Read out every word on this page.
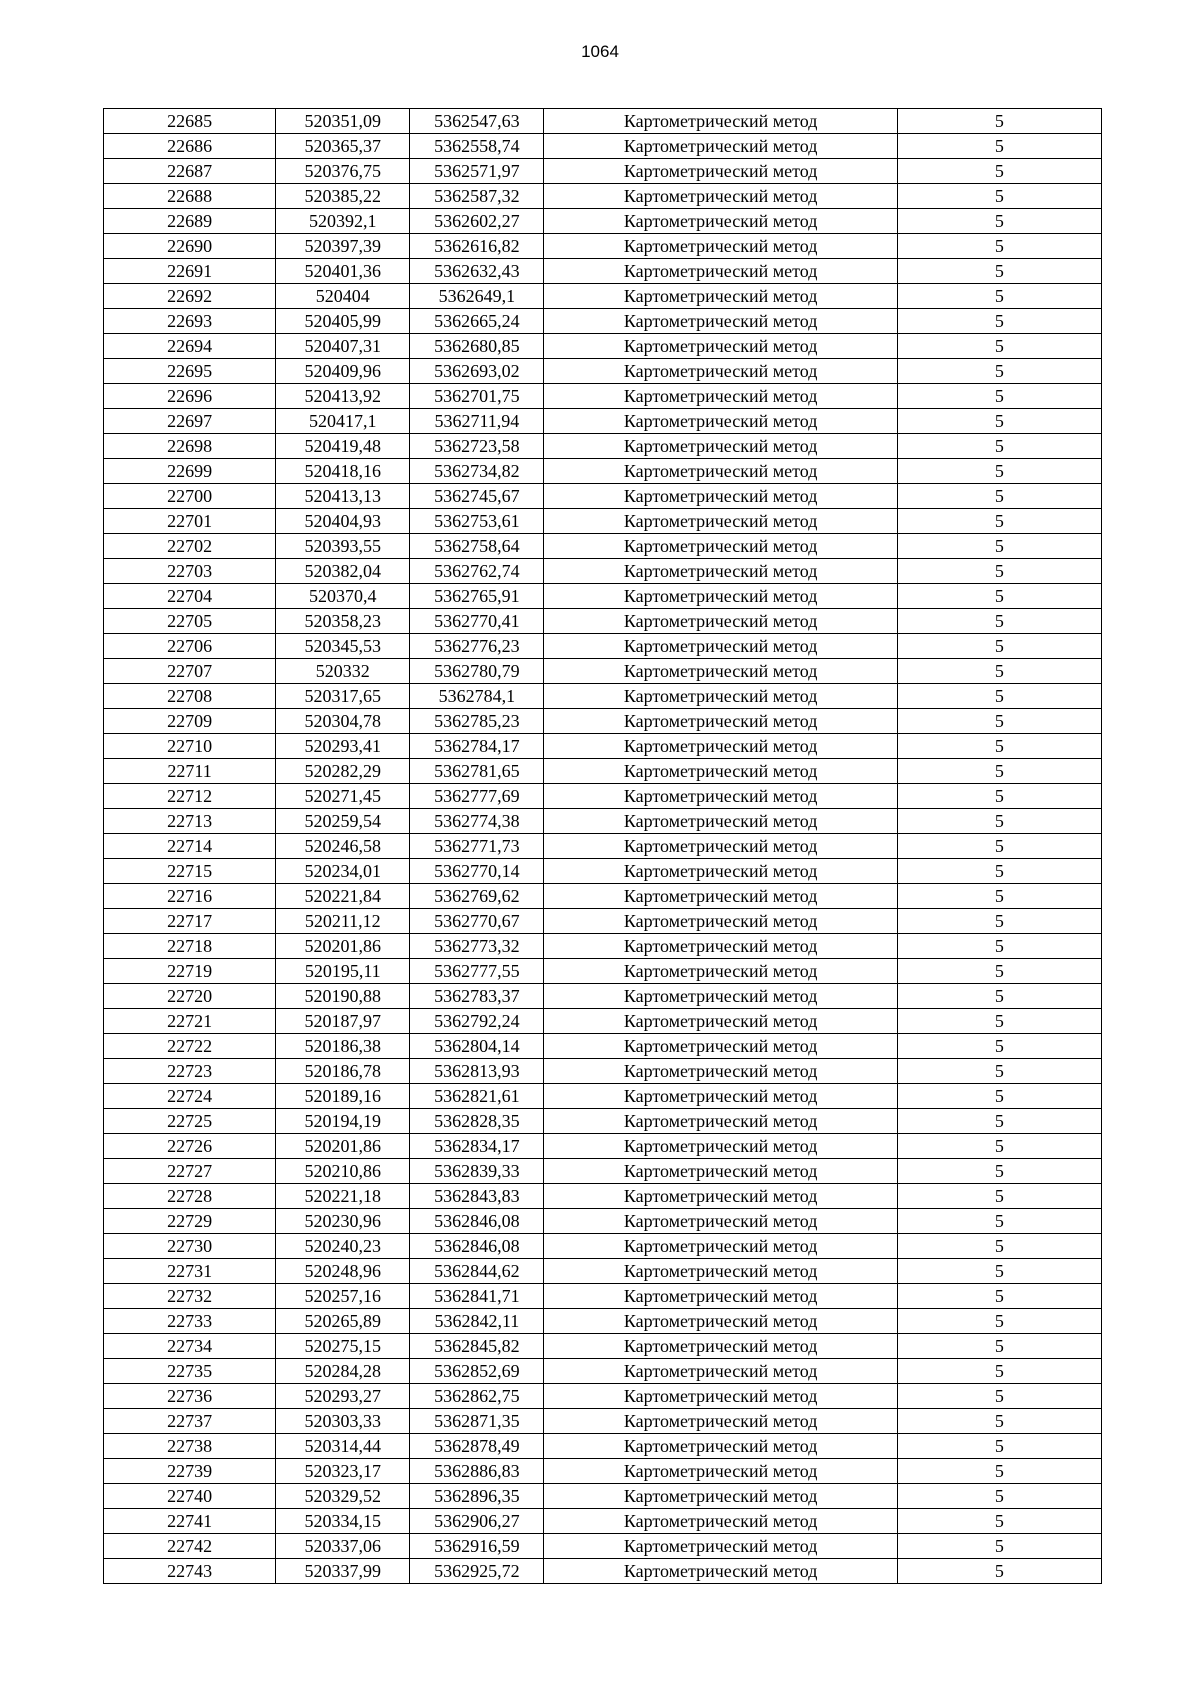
1064
22685	520351,09	5362547,63	Картометрический метод	5
22686	520365,37	5362558,74	Картометрический метод	5
22687	520376,75	5362571,97	Картометрический метод	5
22688	520385,22	5362587,32	Картометрический метод	5
22689	520392,1	5362602,27	Картометрический метод	5
22690	520397,39	5362616,82	Картометрический метод	5
22691	520401,36	5362632,43	Картометрический метод	5
22692	520404	5362649,1	Картометрический метод	5
22693	520405,99	5362665,24	Картометрический метод	5
22694	520407,31	5362680,85	Картометрический метод	5
22695	520409,96	5362693,02	Картометрический метод	5
22696	520413,92	5362701,75	Картометрический метод	5
22697	520417,1	5362711,94	Картометрический метод	5
22698	520419,48	5362723,58	Картометрический метод	5
22699	520418,16	5362734,82	Картометрический метод	5
22700	520413,13	5362745,67	Картометрический метод	5
22701	520404,93	5362753,61	Картометрический метод	5
22702	520393,55	5362758,64	Картометрический метод	5
22703	520382,04	5362762,74	Картометрический метод	5
22704	520370,4	5362765,91	Картометрический метод	5
22705	520358,23	5362770,41	Картометрический метод	5
22706	520345,53	5362776,23	Картометрический метод	5
22707	520332	5362780,79	Картометрический метод	5
22708	520317,65	5362784,1	Картометрический метод	5
22709	520304,78	5362785,23	Картометрический метод	5
22710	520293,41	5362784,17	Картометрический метод	5
22711	520282,29	5362781,65	Картометрический метод	5
22712	520271,45	5362777,69	Картометрический метод	5
22713	520259,54	5362774,38	Картометрический метод	5
22714	520246,58	5362771,73	Картометрический метод	5
22715	520234,01	5362770,14	Картометрический метод	5
22716	520221,84	5362769,62	Картометрический метод	5
22717	520211,12	5362770,67	Картометрический метод	5
22718	520201,86	5362773,32	Картометрический метод	5
22719	520195,11	5362777,55	Картометрический метод	5
22720	520190,88	5362783,37	Картометрический метод	5
22721	520187,97	5362792,24	Картометрический метод	5
22722	520186,38	5362804,14	Картометрический метод	5
22723	520186,78	5362813,93	Картометрический метод	5
22724	520189,16	5362821,61	Картометрический метод	5
22725	520194,19	5362828,35	Картометрический метод	5
22726	520201,86	5362834,17	Картометрический метод	5
22727	520210,86	5362839,33	Картометрический метод	5
22728	520221,18	5362843,83	Картометрический метод	5
22729	520230,96	5362846,08	Картометрический метод	5
22730	520240,23	5362846,08	Картометрический метод	5
22731	520248,96	5362844,62	Картометрический метод	5
22732	520257,16	5362841,71	Картометрический метод	5
22733	520265,89	5362842,11	Картометрический метод	5
22734	520275,15	5362845,82	Картометрический метод	5
22735	520284,28	5362852,69	Картометрический метод	5
22736	520293,27	5362862,75	Картометрический метод	5
22737	520303,33	5362871,35	Картометрический метод	5
22738	520314,44	5362878,49	Картометрический метод	5
22739	520323,17	5362886,83	Картометрический метод	5
22740	520329,52	5362896,35	Картометрический метод	5
22741	520334,15	5362906,27	Картометрический метод	5
22742	520337,06	5362916,59	Картометрический метод	5
22743	520337,99	5362925,72	Картометрический метод	5
